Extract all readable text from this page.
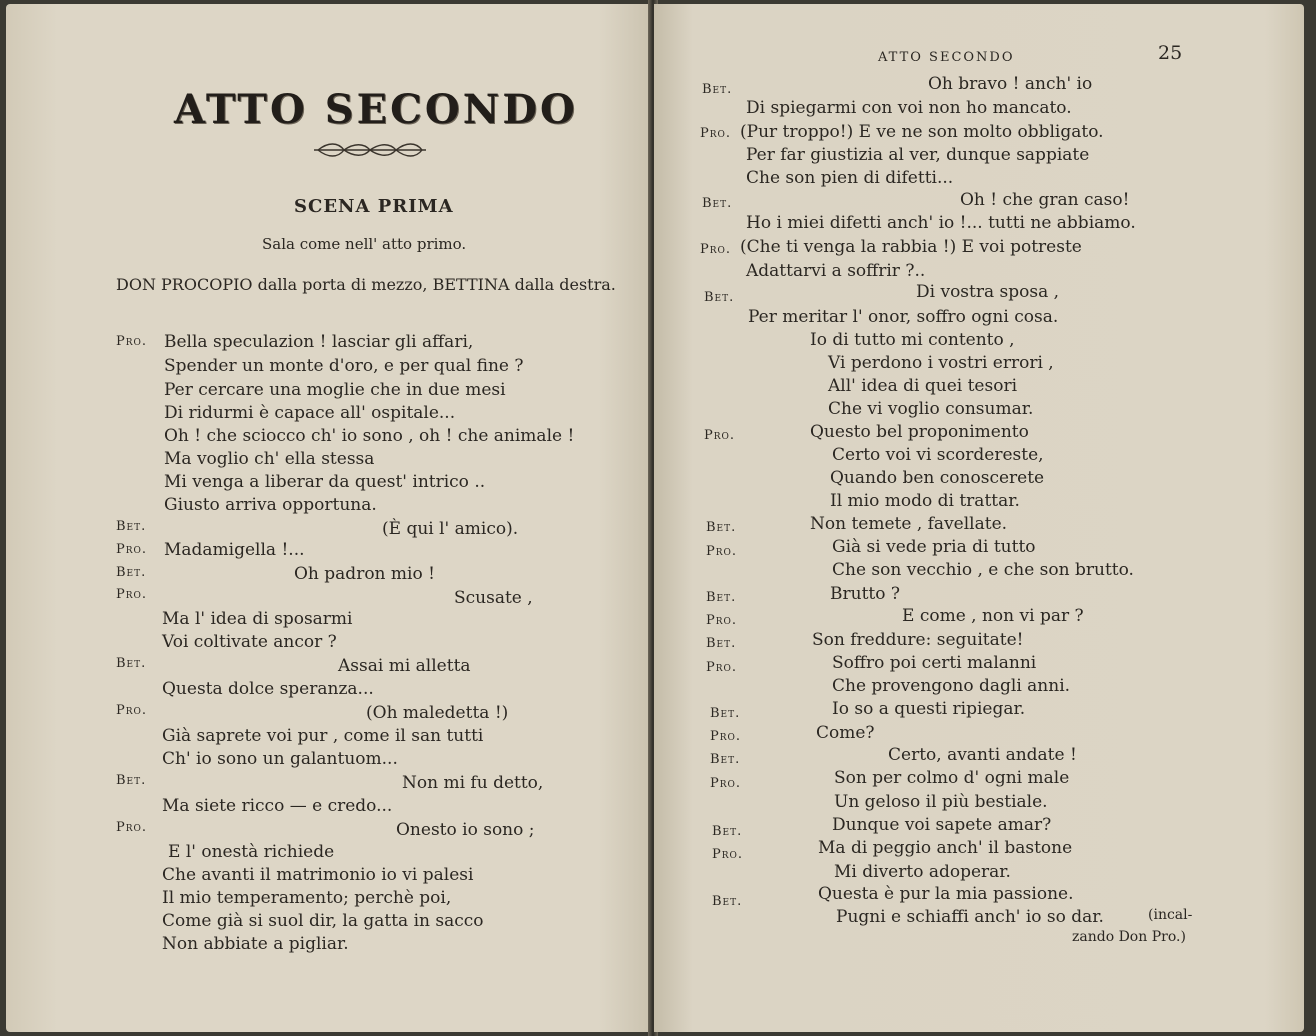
ATTO SECONDO
SCENA PRIMA
Sala come nell' atto primo.
DON PROCOPIO dalla porta di mezzo, BETTINA dalla destra.
Pro. Bella speculazion ! lasciar gli affari,
Spender un monte d'oro, e per qual fine ?
Per cercare una moglie che in due mesi
Di ridurmi è capace all' ospitale...
Oh ! che sciocco ch' io sono , oh ! che animale !
Ma voglio ch' ella stessa
Mi venga a liberar da quest' intrico ..
Giusto arriva opportuna.
Bet.	(È qui l' amico).
Pro. Madamigella !...
Bet.	Oh padron mio !
Pro.	Scusate ,
Ma l' idea di sposarmi
Voi coltivate ancor ?
Bet.	Assai mi alletta
Questa dolce speranza...
Pro.	(Oh maledetta !)
Già saprete voi pur , come il san tutti
Ch' io sono un galantuom...
Bet.	Non mi fu detto,
Ma siete ricco — e credo...
Pro.	Onesto io sono ;
E l' onestà richiede
Che avanti il matrimonio io vi palesi
Il mio temperamento; perchè poi,
Come già si suol dir, la gatta in sacco
Non abbiate a pigliar.
ATTO SECONDO	25
Bet.	Oh bravo ! anch' io
Di spiegarmi con voi non ho mancato.
Pro. (Pur troppo!) E ve ne son molto obbligato.
Per far giustizia al ver, dunque sappiate
Che son pien di difetti...
Bet.	Oh ! che gran caso!
Ho i miei difetti anch' io !... tutti ne abbiamo.
Pro. (Che ti venga la rabbia !) E voi potreste
Adattarvi a soffrir ?..
Bet.	Di vostra sposa ,
Per meritar l' onor, soffro ogni cosa.
Io di tutto mi contento ,
Vi perdono i vostri errori ,
All' idea di quei tesori
Che vi voglio consumar.
Pro.	Questo bel proponimento
Certo voi vi scordereste,
Quando ben conoscerete
Il mio modo di trattar.
Bet.	Non temete , favellate.
Pro.	Già si vede pria di tutto
Che son vecchio , e che son brutto.
Bet.	Brutto ?
Pro.	E come , non vi par ?
Bet.	Son freddure: seguitate!
Pro.	Soffro poi certi malanni
Che provengono dagli anni.
Bet.	Io so a questi ripiegar.
Pro.	Come?
Bet.	Certo, avanti andate !
Pro.	Son per colmo d' ogni male
Un geloso il più bestiale.
Bet.	Dunque voi sapete amar?
Pro.	Ma di peggio anch' il bastone
Mi diverto adoperar.
Bet.	Questa è pur la mia passione.
Pugni e schiaffi anch' io so dar.	(incal-
zando Don Pro.)
